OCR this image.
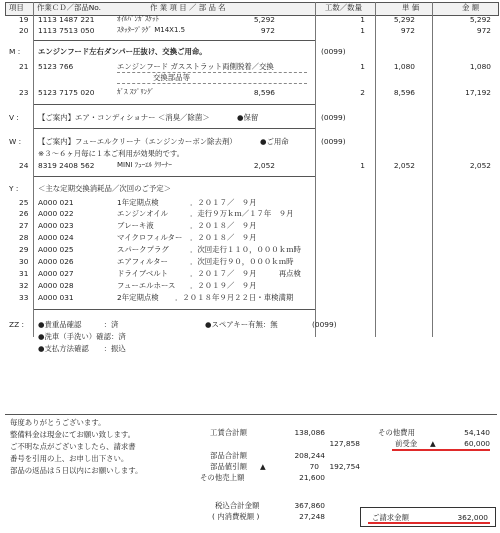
項目 作業ＣＤ／部品No.	作 業 項 目 ／ 部 品 名	工数／数量	単 価	金 額
19 1113 1487 221	ｵｲﾙﾊﾞﾝｶﾞｽｹｯﾄ	5,292	1	5,292	5,292
20 1113 7513 050	ｽﾀｯﾀｰﾌﾟﾗｸﾞ M14X1.5	972	1	972	972
M : エンジンフード左右ダンパー圧抜け、交換ご用命。	(0099)
21 5123 766	エンジンフード ガスストラット両側脱着／交換	1	1,080	1,080
交換部品等
23 5123 7175 020	ｶﾞｽ ｽﾌﾟﾘﾝｸﾞ	8,596	2	8,596	17,192
V :	【ご案内】エア・コンディショナー ＜消臭／除菌＞	●保留	(0099)
W : 【ご案内】フューエルクリーナ（エンジンカーボン除去剤）	●ご用命	(0099)
※３～６ヶ月毎に１本ご利用が効果的です。
24 8319 2408 562	MINI ﾌｭｰｴﾙ ｸﾘｰﾅｰ	2,052	1	2,052	2,052
Y :	＜主な定期交換消耗品／次回のご予定＞
25 A000 021	1年定期点検	．２０１７／　９月
26 A000 022	エンジンオイル	．走行９万ｋｍ／１７年　９月
27 A000 023	ブレーキ液	．２０１８／　９月
28 A000 024	マイクロフィルター ．２０１８／　９月
29 A000 025	スパークプラグ	．次回走行１１０，０００ｋｍ時
30 A000 026	エアフィルター	．次回走行９０，０００ｋｍ時
31 A000 027	ドライブベルト	．２０１７／　９月　　　再点検
32 A000 028	フューエルホース ．２０１９／　９月
33 A000 031	2年定期点検 ．２０１８年９月２２日・車検満期
ZZ : ●貴重品確認　　　：済	●スペアキー有無：無	(0099)
●洗車（手洗い）確認：済
●支払方法確認　　：振込
毎度ありがとうございます。
整備料金は現金にてお願い致します。
ご不明な点がございましたら、請求書
番号を引用の上、お申し出下さい。
部品の返品は５日以内にお願いします。
工賃合計額	138,086
127,858
部品合計額	208,244
部品値引額 ▲	70	192,754
その他売上額	21,600
税込合計金額	367,860
( 内消費税額 )	27,248
その他費用	54,140
前受金 ▲	60,000
ご請求金額	362,000
